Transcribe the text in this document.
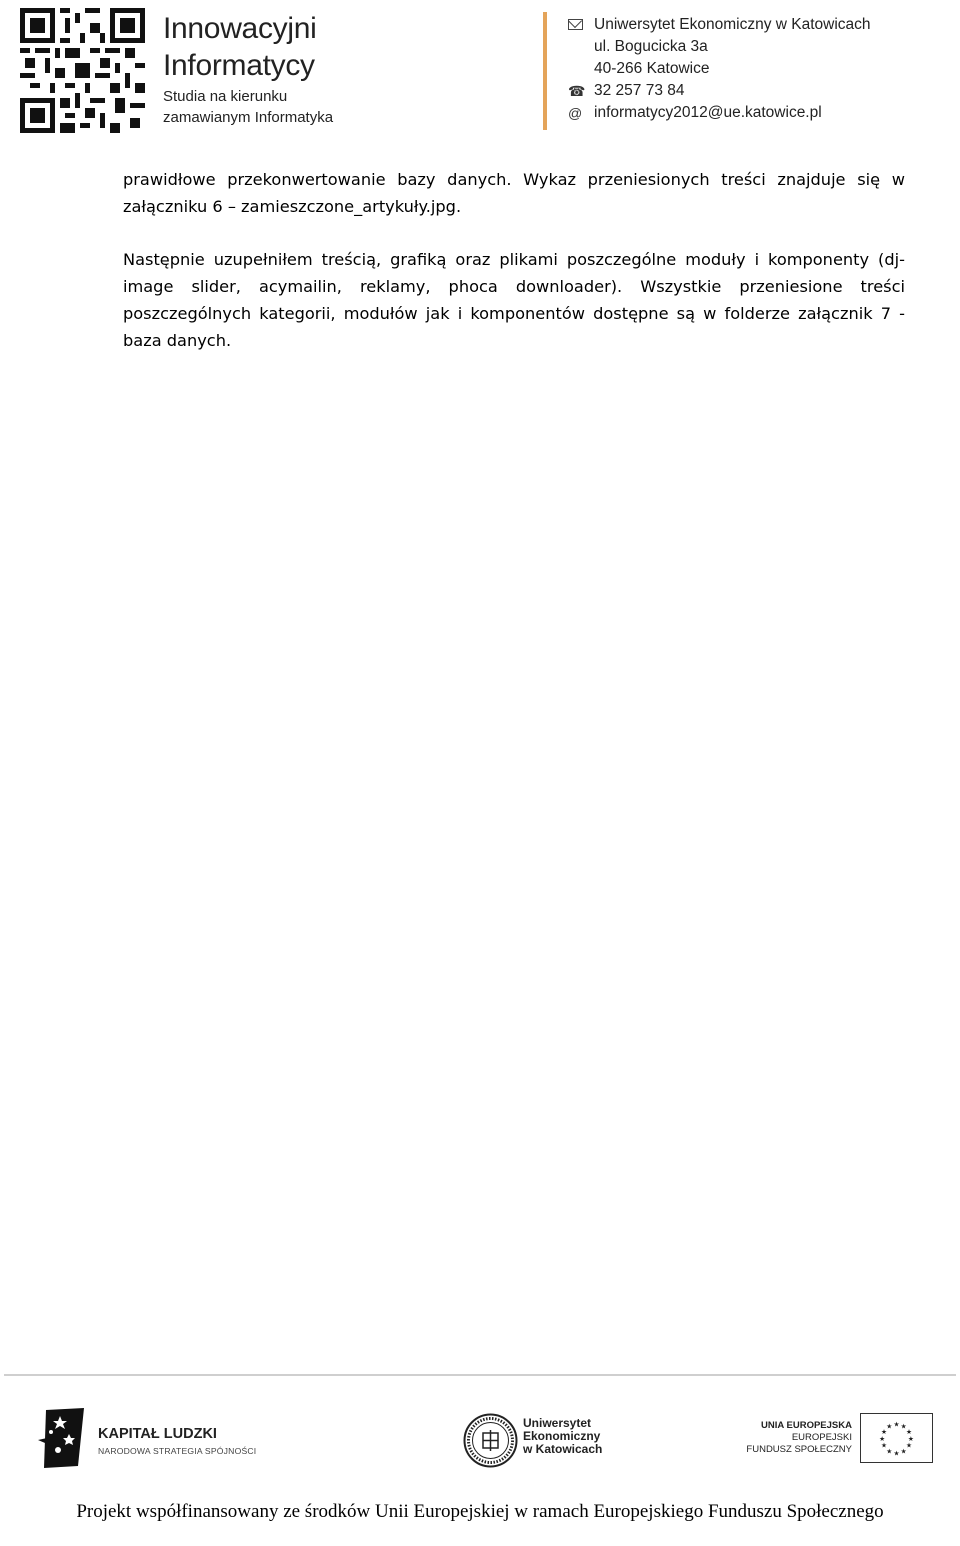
Innowacyjni
Informatycy
Studia na kierunku
zamawianym Informatyka
Uniwersytet Ekonomiczny w Katowicach
ul. Bogucicka 3a
40-266 Katowice
☎ 32 257 73 84
@ informatycy2012@ue.katowice.pl

prawidłowe przekonwertowanie bazy danych. Wykaz przeniesionych treści znajduje się w załączniku 6 – zamieszczone_artykuły.jpg.

Następnie uzupełniłem treścią, grafiką oraz plikami poszczególne moduły i komponenty (dj-image slider, acymailin, reklamy, phoca downloader). Wszystkie przeniesione treści poszczególnych kategorii, modułów jak i komponentów dostępne są w folderze załącznik 7 - baza danych.

KAPITAŁ LUDZKI
NARODOWA STRATEGIA SPÓJNOŚCI
Uniwersytet
Ekonomiczny
w Katowicach
UNIA EUROPEJSKA
EUROPEJSKI
FUNDUSZ SPOŁECZNY
★ ★
★
★
★
★
★
★
★
★
★
★
Projekt współfinansowany ze środków Unii Europejskiej w ramach Europejskiego Funduszu Społecznego
